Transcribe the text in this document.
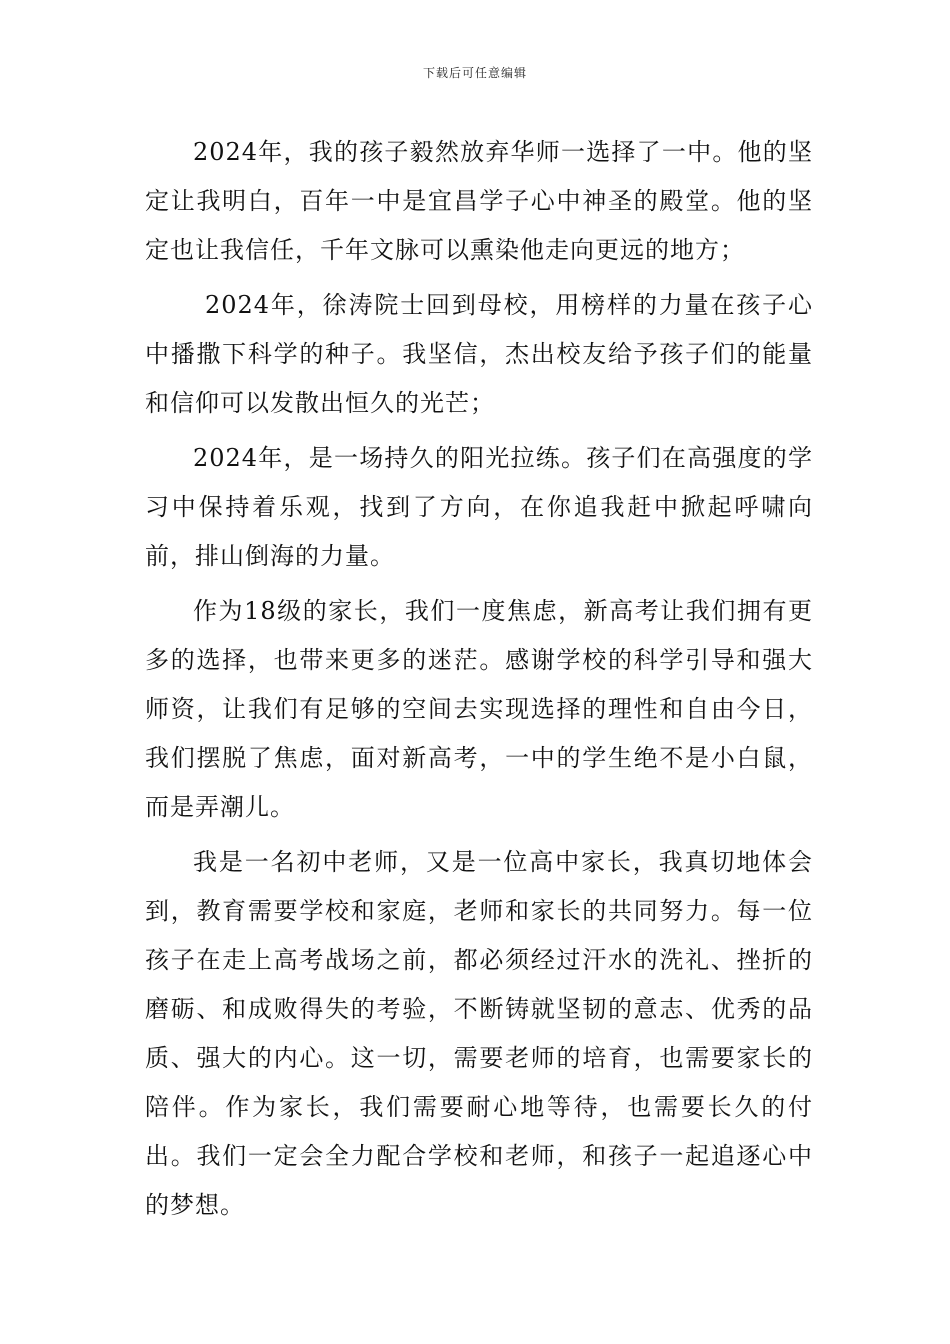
下载后可任意编辑

2024年，我的孩子毅然放弃华师一选择了一中。他的坚定让我明白，百年一中是宜昌学子心中神圣的殿堂。他的坚定也让我信任，千年文脉可以熏染他走向更远的地方；

2024年，徐涛院士回到母校，用榜样的力量在孩子心中播撒下科学的种子。我坚信，杰出校友给予孩子们的能量和信仰可以发散出恒久的光芒；

2024年，是一场持久的阳光拉练。孩子们在高强度的学习中保持着乐观，找到了方向，在你追我赶中掀起呼啸向前，排山倒海的力量。

作为18级的家长，我们一度焦虑，新高考让我们拥有更多的选择，也带来更多的迷茫。感谢学校的科学引导和强大师资，让我们有足够的空间去实现选择的理性和自由今日，我们摆脱了焦虑，面对新高考，一中的学生绝不是小白鼠，而是弄潮儿。

我是一名初中老师，又是一位高中家长，我真切地体会到，教育需要学校和家庭，老师和家长的共同努力。每一位孩子在走上高考战场之前，都必须经过汗水的洗礼、挫折的磨砺、和成败得失的考验，不断铸就坚韧的意志、优秀的品质、强大的内心。这一切，需要老师的培育，也需要家长的陪伴。作为家长，我们需要耐心地等待，也需要长久的付出。我们一定会全力配合学校和老师，和孩子一起追逐心中的梦想。
